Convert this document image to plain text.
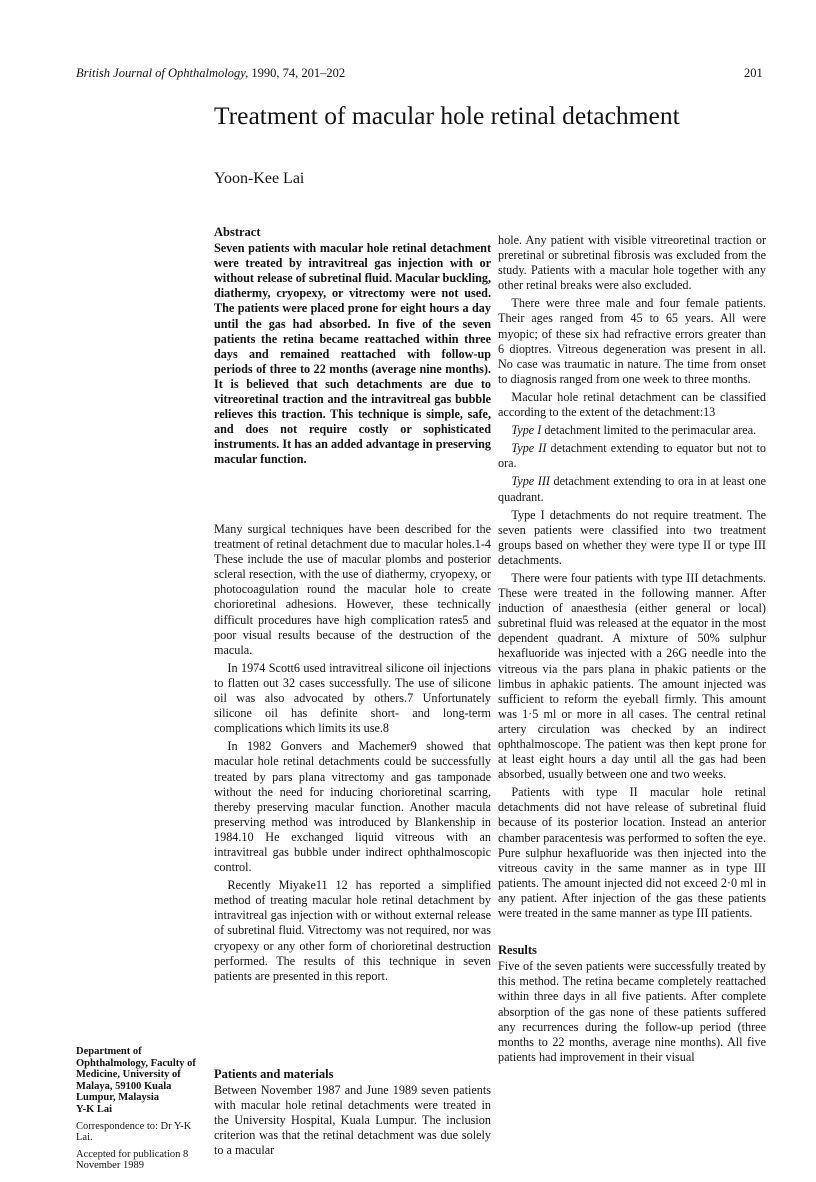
British Journal of Ophthalmology, 1990, 74, 201–202	201
Treatment of macular hole retinal detachment
Yoon-Kee Lai
Abstract
Seven patients with macular hole retinal detachment were treated by intravitreal gas injection with or without release of subretinal fluid. Macular buckling, diathermy, cryopexy, or vitrectomy were not used. The patients were placed prone for eight hours a day until the gas had absorbed. In five of the seven patients the retina became reattached within three days and remained reattached with follow-up periods of three to 22 months (average nine months). It is believed that such detachments are due to vitreoretinal traction and the intravitreal gas bubble relieves this traction. This technique is simple, safe, and does not require costly or sophisticated instruments. It has an added advantage in preserving macular function.

Many surgical techniques have been described for the treatment of retinal detachment due to macular holes.1-4 These include the use of macular plombs and posterior scleral resection, with the use of diathermy, cryopexy, or photocoagulation round the macular hole to create chorioretinal adhesions. However, these technically difficult procedures have high complication rates5 and poor visual results because of the destruction of the macula.

In 1974 Scott6 used intravitreal silicone oil injections to flatten out 32 cases successfully. The use of silicone oil was also advocated by others.7 Unfortunately silicone oil has definite short- and long-term complications which limits its use.8

In 1982 Gonvers and Machemer9 showed that macular hole retinal detachments could be successfully treated by pars plana vitrectomy and gas tamponade without the need for inducing chorioretinal scarring, thereby preserving macular function. Another macula preserving method was introduced by Blankenship in 1984.10 He exchanged liquid vitreous with an intravitreal gas bubble under indirect ophthalmoscopic control.

Recently Miyake11 12 has reported a simplified method of treating macular hole retinal detachment by intravitreal gas injection with or without external release of subretinal fluid. Vitrectomy was not required, nor was cryopexy or any other form of chorioretinal destruction performed. The results of this technique in seven patients are presented in this report.

Patients and materials

Between November 1987 and June 1989 seven patients with macular hole retinal detachments were treated in the University Hospital, Kuala Lumpur. The inclusion criterion was that the retinal detachment was due solely to a macular

hole. Any patient with visible vitreoretinal traction or preretinal or subretinal fibrosis was excluded from the study. Patients with a macular hole together with any other retinal breaks were also excluded.

There were three male and four female patients. Their ages ranged from 45 to 65 years. All were myopic; of these six had refractive errors greater than 6 dioptres. Vitreous degeneration was present in all. No case was traumatic in nature. The time from onset to diagnosis ranged from one week to three months.

Macular hole retinal detachment can be classified according to the extent of the detachment:13

Type I detachment limited to the perimacular area.

Type II detachment extending to equator but not to ora.

Type III detachment extending to ora in at least one quadrant.

Type I detachments do not require treatment. The seven patients were classified into two treatment groups based on whether they were type II or type III detachments.

There were four patients with type III detachments. These were treated in the following manner. After induction of anaesthesia (either general or local) subretinal fluid was released at the equator in the most dependent quadrant. A mixture of 50% sulphur hexafluoride was injected with a 26G needle into the vitreous via the pars plana in phakic patients or the limbus in aphakic patients. The amount injected was sufficient to reform the eyeball firmly. This amount was 1·5 ml or more in all cases. The central retinal artery circulation was checked by an indirect ophthalmoscope. The patient was then kept prone for at least eight hours a day until all the gas had been absorbed, usually between one and two weeks.

Patients with type II macular hole retinal detachments did not have release of subretinal fluid because of its posterior location. Instead an anterior chamber paracentesis was performed to soften the eye. Pure sulphur hexafluoride was then injected into the vitreous cavity in the same manner as in type III patients. The amount injected did not exceed 2·0 ml in any patient. After injection of the gas these patients were treated in the same manner as type III patients.

Results

Five of the seven patients were successfully treated by this method. The retina became completely reattached within three days in all five patients. After complete absorption of the gas none of these patients suffered any recurrences during the follow-up period (three months to 22 months, average nine months). All five patients had improvement in their visual

Department of Ophthalmology, Faculty of Medicine, University of Malaya, 59100 Kuala Lumpur, Malaysia
Y-K Lai
Correspondence to: Dr Y-K Lai.
Accepted for publication 8 November 1989
